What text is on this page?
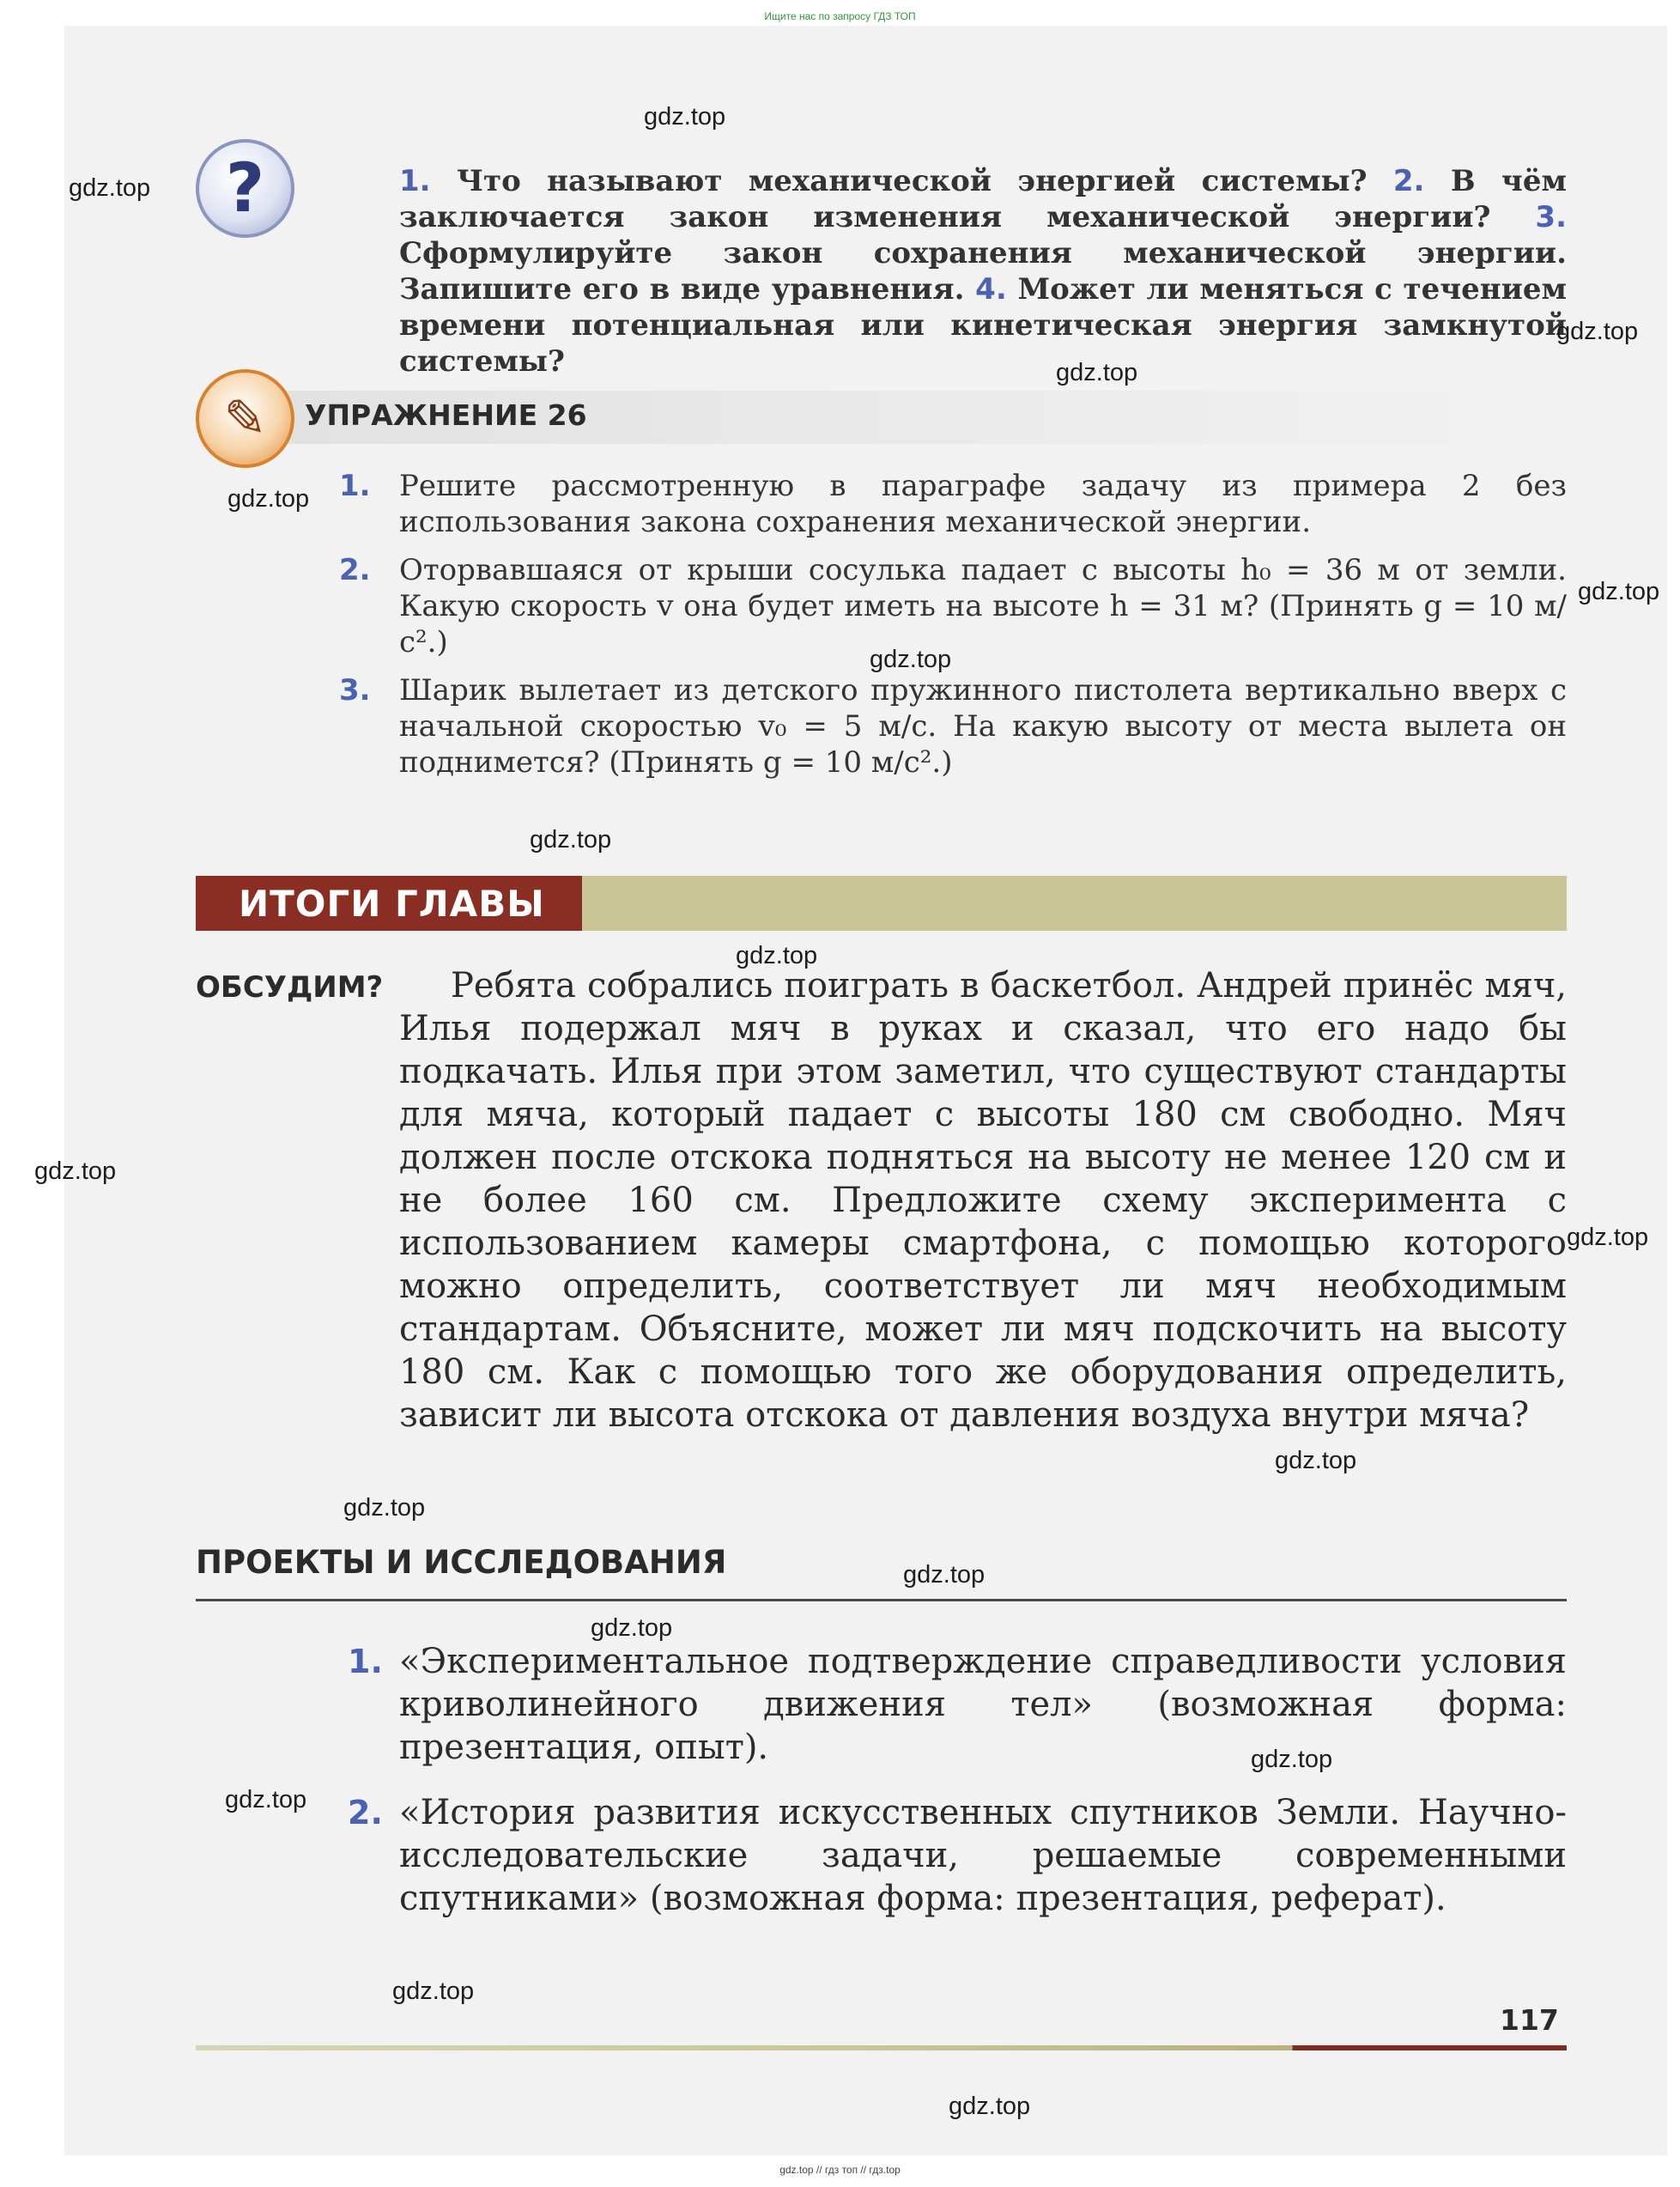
Ищите нас по запросу ГДЗ ТОП
?	1. Что называют механической энергией системы? 2. В чём заключается закон изменения механической энергии? 3. Сформулируйте закон сохранения механической энергии. Запишите его в виде уравнения. 4. Может ли меняться с течением времени потенциальная или кинетическая энергия замкнутой системы?
✎	УПРАЖНЕНИЕ 26
1. Решите рассмотренную в параграфе задачу из примера 2 без использования закона сохранения механической энергии.
2. Оторвавшаяся от крыши сосулька падает с высоты h₀ = 36 м от земли. Какую скорость v она будет иметь на высоте h = 31 м? (Принять g = 10 м/с².)
3. Шарик вылетает из детского пружинного пистолета вертикально вверх с начальной скоростью v₀ = 5 м/с. На какую высоту от места вылета он поднимется? (Принять g = 10 м/с².)
ИТОГИ ГЛАВЫ
ОБСУДИМ?	Ребята собрались поиграть в баскетбол. Андрей принёс мяч, Илья подержал мяч в руках и сказал, что его надо бы подкачать. Илья при этом заметил, что существуют стандарты для мяча, который падает с высоты 180 см свободно. Мяч должен после отскока подняться на высоту не менее 120 см и не более 160 см. Предложите схему эксперимента с использованием камеры смартфона, с помощью которого можно определить, соответствует ли мяч необходимым стандартам. Объясните, может ли мяч подскочить на высоту 180 см. Как с помощью того же оборудования определить, зависит ли высота отскока от давления воздуха внутри мяча?
ПРОЕКТЫ И ИССЛЕДОВАНИЯ
1. «Экспериментальное подтверждение справедливости условия криволинейного движения тел» (возможная форма: презентация, опыт).
2. «История развития искусственных спутников Земли. Научно-исследовательские задачи, решаемые современными спутниками» (возможная форма: презентация, реферат).
117
gdz.top
gdz.top
gdz.top
gdz.top
gdz.top
gdz.top
gdz.top
gdz.top
gdz.top
gdz.top
gdz.top
gdz.top
gdz.top
gdz.top
gdz.top
gdz.top
gdz.top
gdz.top
gdz.top
gdz.top // гдз топ // гдз.top
